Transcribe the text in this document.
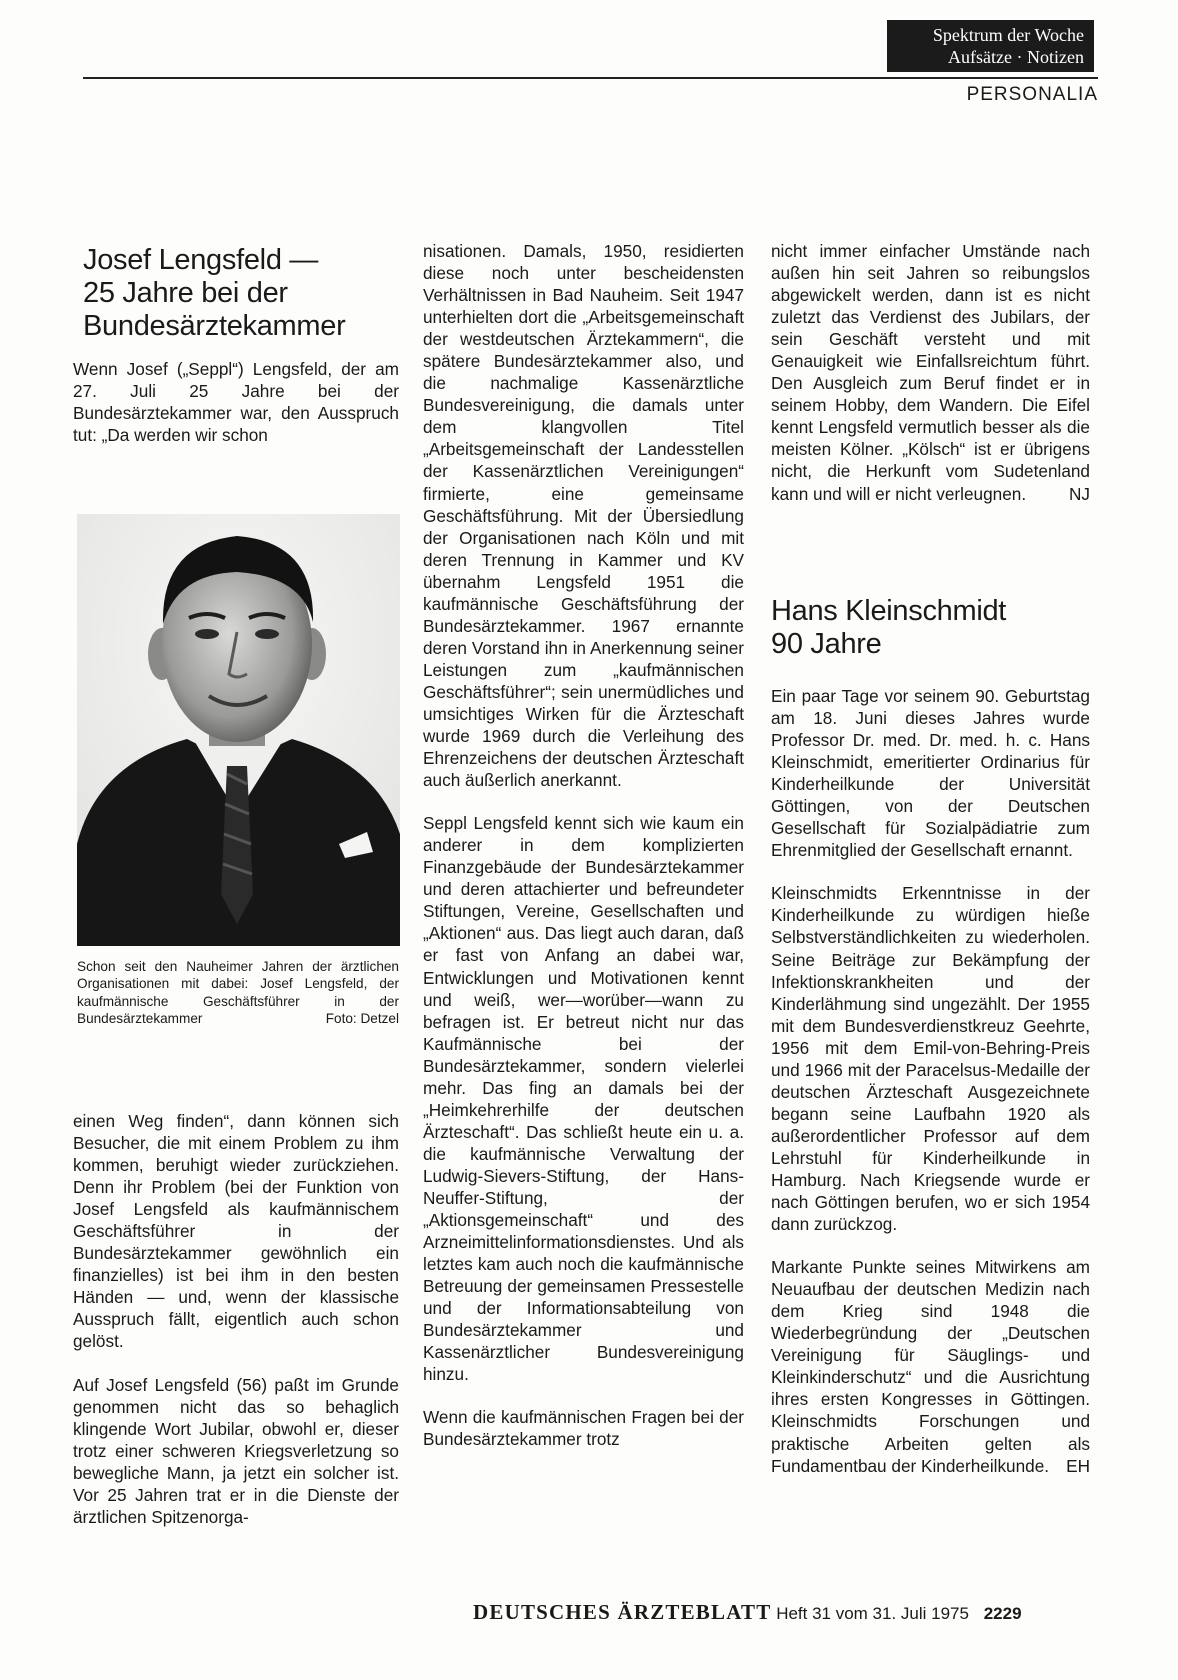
Spektrum der Woche
Aufsätze · Notizen
PERSONALIA
Josef Lengsfeld —
25 Jahre bei der
Bundesärztekammer

Wenn Josef („Seppl“) Lengsfeld, der am 27. Juli 25 Jahre bei der Bundesärztekammer war, den Ausspruch tut: „Da werden wir schon

Schon seit den Nauheimer Jahren der ärztlichen Organisationen mit dabei: Josef Lengsfeld, der kaufmännische Geschäftsführer in der Bundesärztekammer	Foto: Detzel

einen Weg finden“, dann können sich Besucher, die mit einem Problem zu ihm kommen, beruhigt wieder zurückziehen. Denn ihr Problem (bei der Funktion von Josef Lengsfeld als kaufmännischem Geschäftsführer in der Bundesärztekammer gewöhnlich ein finanzielles) ist bei ihm in den besten Händen — und, wenn der klassische Ausspruch fällt, eigentlich auch schon gelöst.

Auf Josef Lengsfeld (56) paßt im Grunde genommen nicht das so behaglich klingende Wort Jubilar, obwohl er, dieser trotz einer schweren Kriegsverletzung so bewegliche Mann, ja jetzt ein solcher ist. Vor 25 Jahren trat er in die Dienste der ärztlichen Spitzenorga-

nisationen. Damals, 1950, residierten diese noch unter bescheidensten Verhältnissen in Bad Nauheim. Seit 1947 unterhielten dort die „Arbeitsgemeinschaft der westdeutschen Ärztekammern“, die spätere Bundesärztekammer also, und die nachmalige Kassenärztliche Bundesvereinigung, die damals unter dem klangvollen Titel „Arbeitsgemeinschaft der Landesstellen der Kassenärztlichen Vereinigungen“ firmierte, eine gemeinsame Geschäftsführung. Mit der Übersiedlung der Organisationen nach Köln und mit deren Trennung in Kammer und KV übernahm Lengsfeld 1951 die kaufmännische Geschäftsführung der Bundesärztekammer. 1967 ernannte deren Vorstand ihn in Anerkennung seiner Leistungen zum „kaufmännischen Geschäftsführer“; sein unermüdliches und umsichtiges Wirken für die Ärzteschaft wurde 1969 durch die Verleihung des Ehrenzeichens der deutschen Ärzteschaft auch äußerlich anerkannt.

Seppl Lengsfeld kennt sich wie kaum ein anderer in dem komplizierten Finanzgebäude der Bundesärztekammer und deren attachierter und befreundeter Stiftungen, Vereine, Gesellschaften und „Aktionen“ aus. Das liegt auch daran, daß er fast von Anfang an dabei war, Entwicklungen und Motivationen kennt und weiß, wer—worüber—wann zu befragen ist. Er betreut nicht nur das Kaufmännische bei der Bundesärztekammer, sondern vielerlei mehr. Das fing an damals bei der „Heimkehrerhilfe der deutschen Ärzteschaft“. Das schließt heute ein u. a. die kaufmännische Verwaltung der Ludwig-Sievers-Stiftung, der Hans-Neuffer-Stiftung, der „Aktionsgemeinschaft“ und des Arzneimittelinformationsdienstes. Und als letztes kam auch noch die kaufmännische Betreuung der gemeinsamen Pressestelle und der Informationsabteilung von Bundesärztekammer und Kassenärztlicher Bundesvereinigung hinzu.

Wenn die kaufmännischen Fragen bei der Bundesärztekammer trotz

nicht immer einfacher Umstände nach außen hin seit Jahren so reibungslos abgewickelt werden, dann ist es nicht zuletzt das Verdienst des Jubilars, der sein Geschäft versteht und mit Genauigkeit wie Einfallsreichtum führt. Den Ausgleich zum Beruf findet er in seinem Hobby, dem Wandern. Die Eifel kennt Lengsfeld vermutlich besser als die meisten Kölner. „Kölsch“ ist er übrigens nicht, die Herkunft vom Sudetenland kann und will er nicht verleugnen. NJ

Hans Kleinschmidt
90 Jahre

Ein paar Tage vor seinem 90. Geburtstag am 18. Juni dieses Jahres wurde Professor Dr. med. Dr. med. h. c. Hans Kleinschmidt, emeritierter Ordinarius für Kinderheilkunde der Universität Göttingen, von der Deutschen Gesellschaft für Sozialpädiatrie zum Ehrenmitglied der Gesellschaft ernannt.

Kleinschmidts Erkenntnisse in der Kinderheilkunde zu würdigen hieße Selbstverständlichkeiten zu wiederholen. Seine Beiträge zur Bekämpfung der Infektionskrankheiten und der Kinderlähmung sind ungezählt. Der 1955 mit dem Bundesverdienstkreuz Geehrte, 1956 mit dem Emil-von-Behring-Preis und 1966 mit der Paracelsus-Medaille der deutschen Ärzteschaft Ausgezeichnete begann seine Laufbahn 1920 als außerordentlicher Professor auf dem Lehrstuhl für Kinderheilkunde in Hamburg. Nach Kriegsende wurde er nach Göttingen berufen, wo er sich 1954 dann zurückzog.

Markante Punkte seines Mitwirkens am Neuaufbau der deutschen Medizin nach dem Krieg sind 1948 die Wiederbegründung der „Deutschen Vereinigung für Säuglings- und Kleinkinderschutz“ und die Ausrichtung ihres ersten Kongresses in Göttingen. Kleinschmidts Forschungen und praktische Arbeiten gelten als Fundamentbau der Kinderheilkunde. EH

DEUTSCHES ÄRZTEBLATT Heft 31 vom 31. Juli 1975 2229
